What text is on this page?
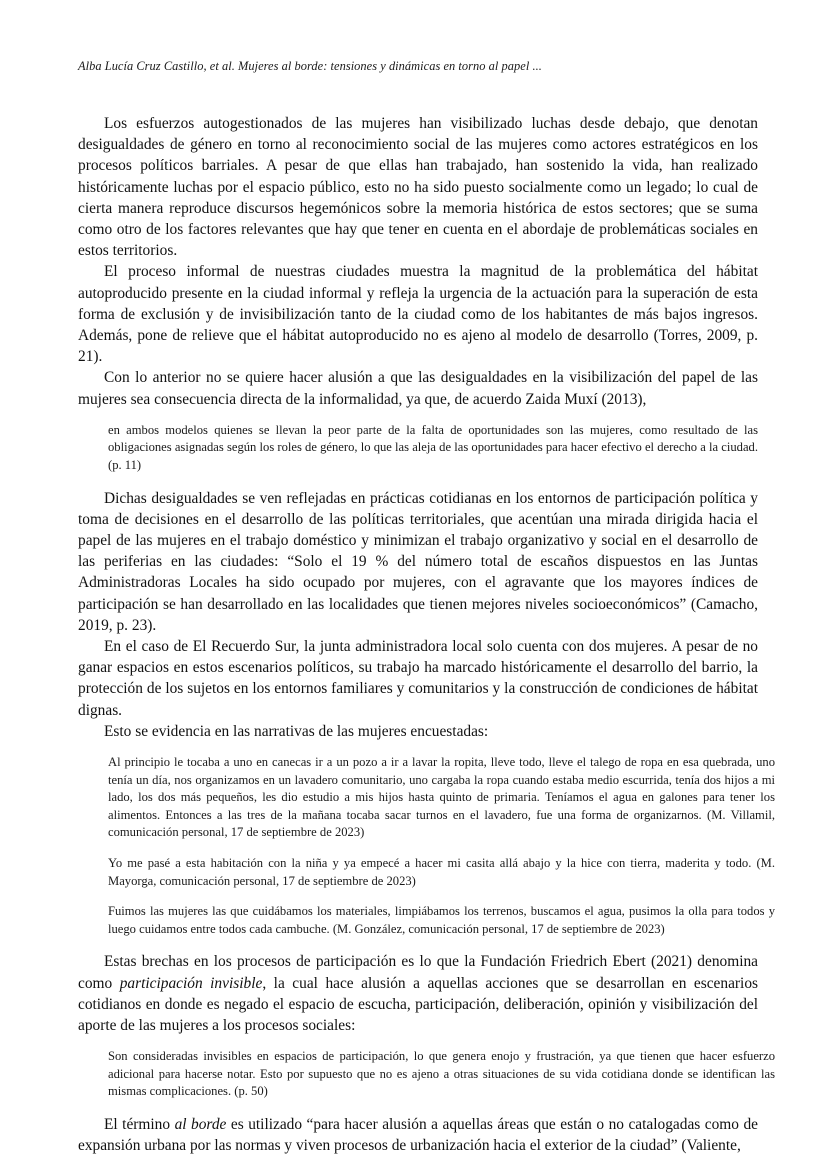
Alba Lucía Cruz Castillo, et al. Mujeres al borde: tensiones y dinámicas en torno al papel ...

Los esfuerzos autogestionados de las mujeres han visibilizado luchas desde debajo, que denotan desigualdades de género en torno al reconocimiento social de las mujeres como actores estratégicos en los procesos políticos barriales. A pesar de que ellas han trabajado, han sostenido la vida, han realizado históricamente luchas por el espacio público, esto no ha sido puesto socialmente como un legado; lo cual de cierta manera reproduce discursos hegemónicos sobre la memoria histórica de estos sectores; que se suma como otro de los factores relevantes que hay que tener en cuenta en el abordaje de problemáticas sociales en estos territorios.

El proceso informal de nuestras ciudades muestra la magnitud de la problemática del hábitat autoproducido presente en la ciudad informal y refleja la urgencia de la actuación para la superación de esta forma de exclusión y de invisibilización tanto de la ciudad como de los habitantes de más bajos ingresos. Además, pone de relieve que el hábitat autoproducido no es ajeno al modelo de desarrollo (Torres, 2009, p. 21).

Con lo anterior no se quiere hacer alusión a que las desigualdades en la visibilización del papel de las mujeres sea consecuencia directa de la informalidad, ya que, de acuerdo Zaida Muxí (2013),

en ambos modelos quienes se llevan la peor parte de la falta de oportunidades son las mujeres, como resultado de las obligaciones asignadas según los roles de género, lo que las aleja de las oportunidades para hacer efectivo el derecho a la ciudad. (p. 11)

Dichas desigualdades se ven reflejadas en prácticas cotidianas en los entornos de participación política y toma de decisiones en el desarrollo de las políticas territoriales, que acentúan una mirada dirigida hacia el papel de las mujeres en el trabajo doméstico y minimizan el trabajo organizativo y social en el desarrollo de las periferias en las ciudades: “Solo el 19 % del número total de escaños dispuestos en las Juntas Administradoras Locales ha sido ocupado por mujeres, con el agravante que los mayores índices de participación se han desarrollado en las localidades que tienen mejores niveles socioeconómicos” (Camacho, 2019, p. 23).

En el caso de El Recuerdo Sur, la junta administradora local solo cuenta con dos mujeres. A pesar de no ganar espacios en estos escenarios políticos, su trabajo ha marcado históricamente el desarrollo del barrio, la protección de los sujetos en los entornos familiares y comunitarios y la construcción de condiciones de hábitat dignas.

Esto se evidencia en las narrativas de las mujeres encuestadas:

Al principio le tocaba a uno en canecas ir a un pozo a ir a lavar la ropita, lleve todo, lleve el talego de ropa en esa quebrada, uno tenía un día, nos organizamos en un lavadero comunitario, uno cargaba la ropa cuando estaba medio escurrida, tenía dos hijos a mi lado, los dos más pequeños, les dio estudio a mis hijos hasta quinto de primaria. Teníamos el agua en galones para tener los alimentos. Entonces a las tres de la mañana tocaba sacar turnos en el lavadero, fue una forma de organizarnos. (M. Villamil, comunicación personal, 17 de septiembre de 2023)
Yo me pasé a esta habitación con la niña y ya empecé a hacer mi casita allá abajo y la hice con tierra, maderita y todo. (M. Mayorga, comunicación personal, 17 de septiembre de 2023)
Fuimos las mujeres las que cuidábamos los materiales, limpiábamos los terrenos, buscamos el agua, pusimos la olla para todos y luego cuidamos entre todos cada cambuche. (M. González, comunicación personal, 17 de septiembre de 2023)

Estas brechas en los procesos de participación es lo que la Fundación Friedrich Ebert (2021) denomina como participación invisible, la cual hace alusión a aquellas acciones que se desarrollan en escenarios cotidianos en donde es negado el espacio de escucha, participación, deliberación, opinión y visibilización del aporte de las mujeres a los procesos sociales:

Son consideradas invisibles en espacios de participación, lo que genera enojo y frustración, ya que tienen que hacer esfuerzo adicional para hacerse notar. Esto por supuesto que no es ajeno a otras situaciones de su vida cotidiana donde se identifican las mismas complicaciones. (p. 50)

El término al borde es utilizado “para hacer alusión a aquellas áreas que están o no catalogadas como de expansión urbana por las normas y viven procesos de urbanización hacia el exterior de la ciudad” (Valiente,
